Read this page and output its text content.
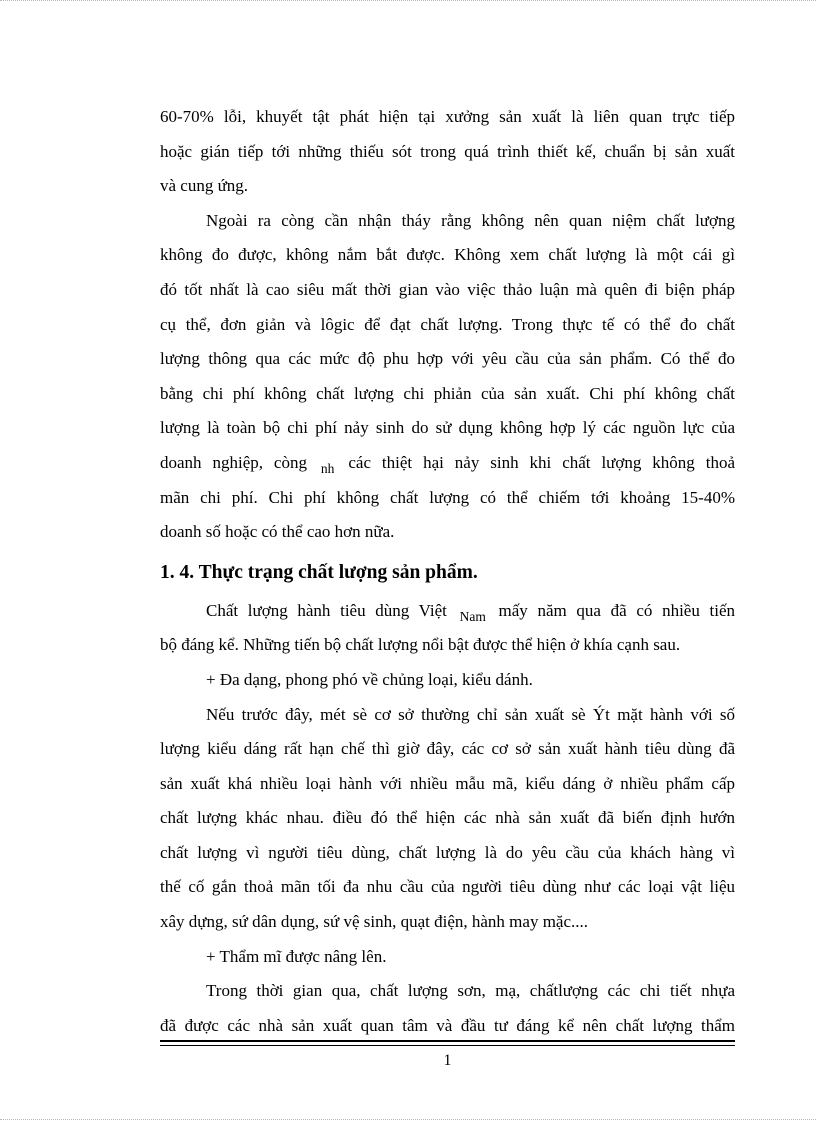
60-70% lỗi, khuyết tật phát hiện tại xưởng sản xuất là liên quan trực tiếp
hoặc gián tiếp tới những thiếu sót trong quá trình thiết kế, chuẩn bị sản xuất
và cung ứng.
Ngoài ra còng cần nhận tháy rằng không nên quan niệm chất lượng
không đo được, không nắm bắt được. Không xem chất lượng là một cái gì
đó tốt nhất là cao siêu mất thời gian vào việc thảo luận mà quên đi biện pháp
cụ thể, đơn giản và lôgic để đạt chất lượng. Trong thực tế có thể đo chất
lượng thông qua các mức độ phu hợp với yêu cầu của sản phẩm. Có thể đo
bằng chi phí không chất lượng chi phiản của sản xuất. Chi phí không chất
lượng là toàn bộ chi phí nảy sinh do sử dụng không hợp lý các nguồn lực của
doanh nghiệp, còng $_{nh}$ các thiệt hại nảy sinh khi chất lượng không thoả
mãn chi phí. Chi phí không chất lượng có thể chiếm tới khoảng 15-40%
doanh số hoặc có thể cao hơn nữa.
1. 4. Thực trạng chất lượng sản phẩm.
Chất lượng hành tiêu dùng Việt $_{Nam}$ mấy năm qua đã có nhiều tiến
bộ đáng kể. Những tiến bộ chất lượng nổi bật được thể hiện ở khía cạnh sau.
+ Đa dạng, phong phó về chủng loại, kiểu dánh.
Nếu trước đây, mét sè cơ sở thường chỉ sản xuất sè Ýt mặt hành với số
lượng kiểu dáng rất hạn chế thì giờ đây, các cơ sở sản xuất hành tiêu dùng đã
sản xuất khá nhiều loại hành với nhiều mẫu mã, kiểu dáng ở nhiều phẩm cấp
chất lượng khác nhau. điều đó thể hiện các nhà sản xuất đã biến định hướn
chất lượng vì người tiêu dùng, chất lượng là do yêu cầu của khách hàng vì
thế cố gắn thoả mãn tối đa nhu cầu của người tiêu dùng như các loại vật liệu
xây dựng, sứ dân dụng, sứ vệ sinh, quạt điện, hành may mặc....
+ Thẩm mĩ được nâng lên.
Trong thời gian qua, chất lượng sơn, mạ, chấtlượng các chi tiết nhựa
đã được các nhà sản xuất quan tâm và đầu tư đáng kể nên chất lượng thẩm
1
